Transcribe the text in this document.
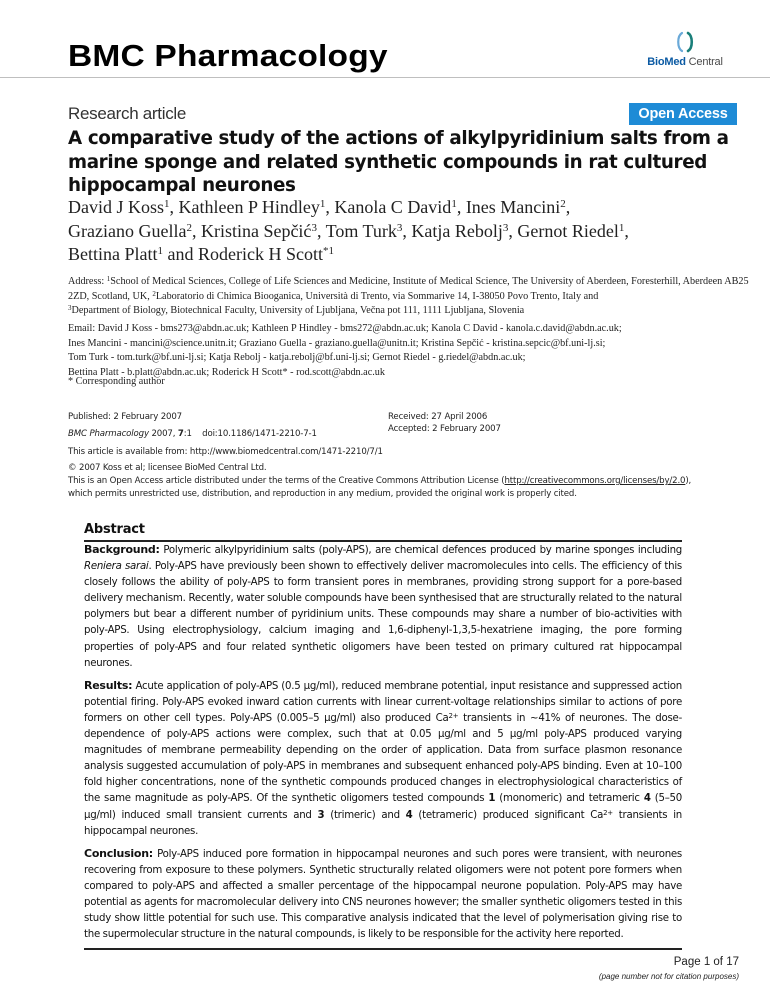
BMC Pharmacology	BioMed Central
Research article	Open Access
A comparative study of the actions of alkylpyridinium salts from a marine sponge and related synthetic compounds in rat cultured hippocampal neurones
David J Koss$^1$, Kathleen P Hindley$^1$, Kanola C David$^1$, Ines Mancini$^2$,
Graziano Guella$^2$, Kristina Sepčić$^3$, Tom Turk$^3$, Katja Rebolj$^3$, Gernot Riedel$^1$,
Bettina Platt$^1$ and Roderick H Scott$^{*1}$
Address: $^1$School of Medical Sciences, College of Life Sciences and Medicine, Institute of Medical Science, The University of Aberdeen, Foresterhill, Aberdeen AB25 2ZD, Scotland, UK, $^2$Laboratorio di Chimica Biooganica, Università di Trento, via Sommarive 14, I-38050 Povo Trento, Italy and
$^3$Department of Biology, Biotechnical Faculty, University of Ljubljana, Večna pot 111, 1111 Ljubljana, Slovenia
Email: David J Koss - bms273@abdn.ac.uk; Kathleen P Hindley - bms272@abdn.ac.uk; Kanola C David - kanola.c.david@abdn.ac.uk;
Ines Mancini - mancini@science.unitn.it; Graziano Guella - graziano.guella@unitn.it; Kristina Sepčić - kristina.sepcic@bf.uni-lj.si;
Tom Turk - tom.turk@bf.uni-lj.si; Katja Rebolj - katja.rebolj@bf.uni-lj.si; Gernot Riedel - g.riedel@abdn.ac.uk;
Bettina Platt - b.platt@abdn.ac.uk; Roderick H Scott* - rod.scott@abdn.ac.uk
* Corresponding author
Published: 2 February 2007
BMC Pharmacology 2007, 7:1 doi:10.1186/1471-2210-7-1
This article is available from: http://www.biomedcentral.com/1471-2210/7/1
Received: 27 April 2006
Accepted: 2 February 2007
© 2007 Koss et al; licensee BioMed Central Ltd.
This is an Open Access article distributed under the terms of the Creative Commons Attribution License (http://creativecommons.org/licenses/by/2.0),
which permits unrestricted use, distribution, and reproduction in any medium, provided the original work is properly cited.
Abstract

Background: Polymeric alkylpyridinium salts (poly-APS), are chemical defences produced by marine sponges including Reniera sarai. Poly-APS have previously been shown to effectively deliver macromolecules into cells. The efficiency of this closely follows the ability of poly-APS to form transient pores in membranes, providing strong support for a pore-based delivery mechanism. Recently, water soluble compounds have been synthesised that are structurally related to the natural polymers but bear a different number of pyridinium units. These compounds may share a number of bio-activities with poly-APS. Using electrophysiology, calcium imaging and 1,6-diphenyl-1,3,5-hexatriene imaging, the pore forming properties of poly-APS and four related synthetic oligomers have been tested on primary cultured rat hippocampal neurones.

Results: Acute application of poly-APS (0.5 µg/ml), reduced membrane potential, input resistance and suppressed action potential firing. Poly-APS evoked inward cation currents with linear current-voltage relationships similar to actions of pore formers on other cell types. Poly-APS (0.005–5 µg/ml) also produced $Ca^{2+}$ transients in ~41% of neurones. The dose-dependence of poly-APS actions were complex, such that at 0.05 µg/ml and 5 µg/ml poly-APS produced varying magnitudes of membrane permeability depending on the order of application. Data from surface plasmon resonance analysis suggested accumulation of poly-APS in membranes and subsequent enhanced poly-APS binding. Even at 10–100 fold higher concentrations, none of the synthetic compounds produced changes in electrophysiological characteristics of the same magnitude as poly-APS. Of the synthetic oligomers tested compounds 1 (monomeric) and tetrameric 4 (5–50 µg/ml) induced small transient currents and 3 (trimeric) and 4 (tetrameric) produced significant $Ca^{2+}$ transients in hippocampal neurones.

Conclusion: Poly-APS induced pore formation in hippocampal neurones and such pores were transient, with neurones recovering from exposure to these polymers. Synthetic structurally related oligomers were not potent pore formers when compared to poly-APS and affected a smaller percentage of the hippocampal neurone population. Poly-APS may have potential as agents for macromolecular delivery into CNS neurones however; the smaller synthetic oligomers tested in this study show little potential for such use. This comparative analysis indicated that the level of polymerisation giving rise to the supermolecular structure in the natural compounds, is likely to be responsible for the activity here reported.

Page 1 of 17
(page number not for citation purposes)
